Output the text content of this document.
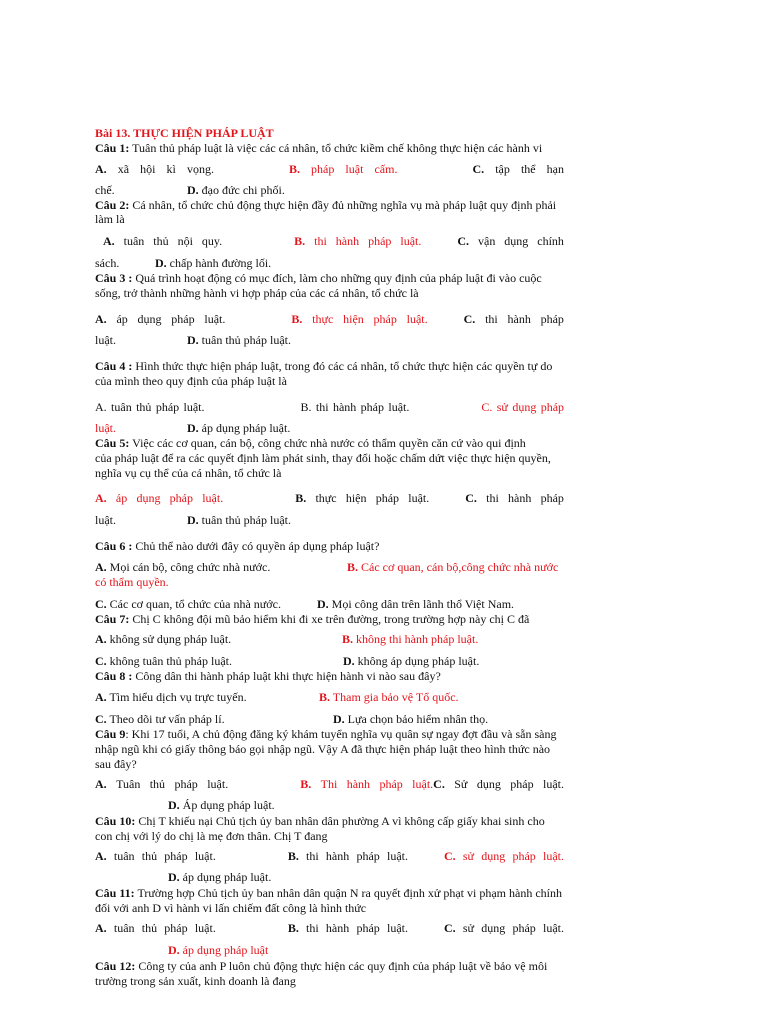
Bài 13. THỰC HIỆN PHÁP LUẬT
Câu 1: Tuân thủ pháp luật là việc các cá nhân, tổ chức kiềm chế không thực hiện các hành vi
A. xã hội kì vọng.	B. pháp luật cấm.	C. tập thể hạn
chế.	D. đạo đức chi phối.
Câu 2: Cá nhân, tổ chức chủ động thực hiện đầy đủ những nghĩa vụ mà pháp luật quy định phải
làm là
A. tuân thủ nội quy.	B. thi hành pháp luật.	C. vận dụng chính
sách.	D. chấp hành đường lối.
Câu 3 : Quá trình hoạt động có mục đích, làm cho những quy định của pháp luật đi vào cuộc
sống, trở thành những hành vi hợp pháp của các cá nhân, tổ chức là
A. áp dụng pháp luật.	B. thực hiện pháp luật.	C. thi hành pháp
luật.	D. tuân thủ pháp luật.
Câu 4 : Hình thức thực hiện pháp luật, trong đó các cá nhân, tổ chức thực hiện các quyền tự do
của mình theo quy định của pháp luật là
A. tuân thủ pháp luật.	B. thi hành pháp luật.	C. sử dụng pháp
luật.	D. áp dụng pháp luật.
Câu 5: Việc các cơ quan, cán bộ, công chức nhà nước có thẩm quyền căn cứ vào qui định
của pháp luật để ra các quyết định làm phát sinh, thay đổi hoặc chấm dứt việc thực hiện quyền,
nghĩa vụ cụ thể của cá nhân, tổ chức là
A. áp dụng pháp luật.	B. thực hiện pháp luật.	C. thi hành pháp
luật.	D. tuân thủ pháp luật.
Câu 6 : Chủ thể nào dưới đây có quyền áp dụng pháp luật?
A. Mọi cán bộ, công chức nhà nước.	B. Các cơ quan, cán bộ,công chức nhà nước
có thẩm quyền.
C. Các cơ quan, tổ chức của nhà nước.	D. Mọi công dân trên lãnh thổ Việt Nam.
Câu 7: Chị C không đội mũ bảo hiểm khi đi xe trên đường, trong trường hợp này chị C đã
A. không sử dụng pháp luật.	B. không thi hành pháp luật.
C. không tuân thủ pháp luật.	D. không áp dụng pháp luật.
Câu 8 : Công dân thi hành pháp luật khi thực hiện hành vi nào sau đây?
A. Tìm hiểu dịch vụ trực tuyến.	B. Tham gia bảo vệ Tổ quốc.
C. Theo dõi tư vấn pháp lí.	D. Lựa chọn bảo hiểm nhân thọ.
Câu 9: Khi 17 tuổi, A chủ động đăng ký khám tuyển nghĩa vụ quân sự ngay đợt đầu và sẵn sàng
nhập ngũ khi có giấy thông báo gọi nhập ngũ. Vậy A đã thực hiện pháp luật theo hình thức nào
sau đây?
A. Tuân thủ pháp luật.	B. Thi hành pháp luật. C. Sử dụng pháp luật.
D. Áp dụng pháp luật.
Câu 10: Chị T khiếu nại Chủ tịch ủy ban nhân dân phường A vì không cấp giấy khai sinh cho
con chị với lý do chị là mẹ đơn thân. Chị T đang
A. tuân thủ pháp luật.	B. thi hành pháp luật.	C. sử dụng pháp luật.
D. áp dụng pháp luật.
Câu 11: Trường hợp Chủ tịch ủy ban nhân dân quận N ra quyết định xử phạt vi phạm hành chính
đối với anh D vì hành vi lấn chiếm đất công là hình thức
A. tuân thủ pháp luật.	B. thi hành pháp luật.	C. sử dụng pháp luật.
D. áp dụng pháp luật
Câu 12: Công ty của anh P luôn chủ động thực hiện các quy định của pháp luật về bảo vệ môi
trường trong sản xuất, kinh doanh là đang
